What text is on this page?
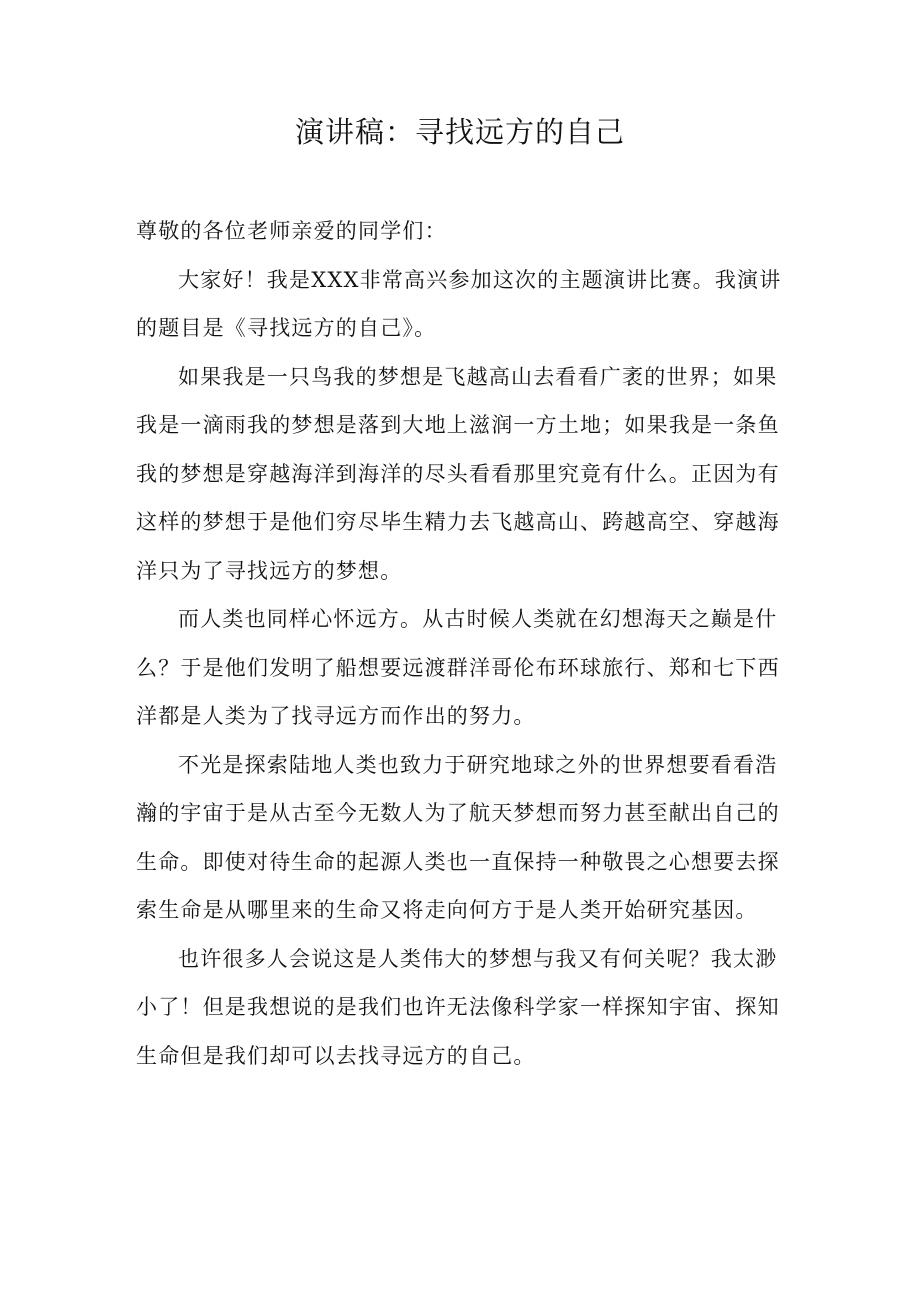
演讲稿：寻找远方的自己

尊敬的各位老师亲爱的同学们：

大家好！我是XXX非常高兴参加这次的主题演讲比赛。我演讲的题目是《寻找远方的自己》。

如果我是一只鸟我的梦想是飞越高山去看看广袤的世界；如果我是一滴雨我的梦想是落到大地上滋润一方土地；如果我是一条鱼我的梦想是穿越海洋到海洋的尽头看看那里究竟有什么。正因为有这样的梦想于是他们穷尽毕生精力去飞越高山、跨越高空、穿越海洋只为了寻找远方的梦想。

而人类也同样心怀远方。从古时候人类就在幻想海天之巅是什么？于是他们发明了船想要远渡群洋哥伦布环球旅行、郑和七下西洋都是人类为了找寻远方而作出的努力。

不光是探索陆地人类也致力于研究地球之外的世界想要看看浩瀚的宇宙于是从古至今无数人为了航天梦想而努力甚至献出自己的生命。即使对待生命的起源人类也一直保持一种敬畏之心想要去探索生命是从哪里来的生命又将走向何方于是人类开始研究基因。

也许很多人会说这是人类伟大的梦想与我又有何关呢？我太渺小了！但是我想说的是我们也许无法像科学家一样探知宇宙、探知生命但是我们却可以去找寻远方的自己。
